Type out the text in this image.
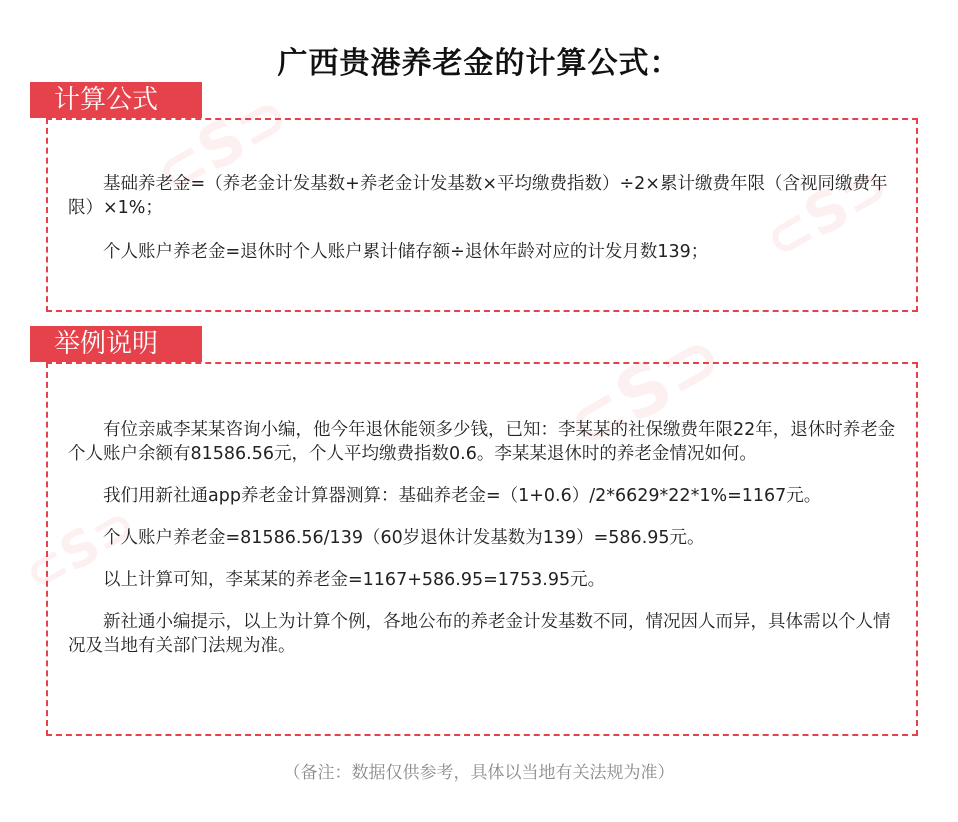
⊂S⊃
⊂S⊃
⊂S⊃
⊂S⊃
广西贵港养老金的计算公式：
计算公式

基础养老金=（养老金计发基数+养老金计发基数×平均缴费指数）÷2×累计缴费年限（含视同缴费年限）×1%；

个人账户养老金=退休时个人账户累计储存额÷退休年龄对应的计发月数139；

举例说明

有位亲戚李某某咨询小编，他今年退休能领多少钱，已知：李某某的社保缴费年限22年，退休时养老金个人账户余额有81586.56元，个人平均缴费指数0.6。李某某退休时的养老金情况如何。

我们用新社通app养老金计算器测算：基础养老金=（1+0.6）/2*6629*22*1%=1167元。

个人账户养老金=81586.56/139（60岁退休计发基数为139）=586.95元。

以上计算可知，李某某的养老金=1167+586.95=1753.95元。

新社通小编提示，以上为计算个例，各地公布的养老金计发基数不同，情况因人而异，具体需以个人情况及当地有关部门法规为准。

（备注：数据仅供参考，具体以当地有关法规为准）
